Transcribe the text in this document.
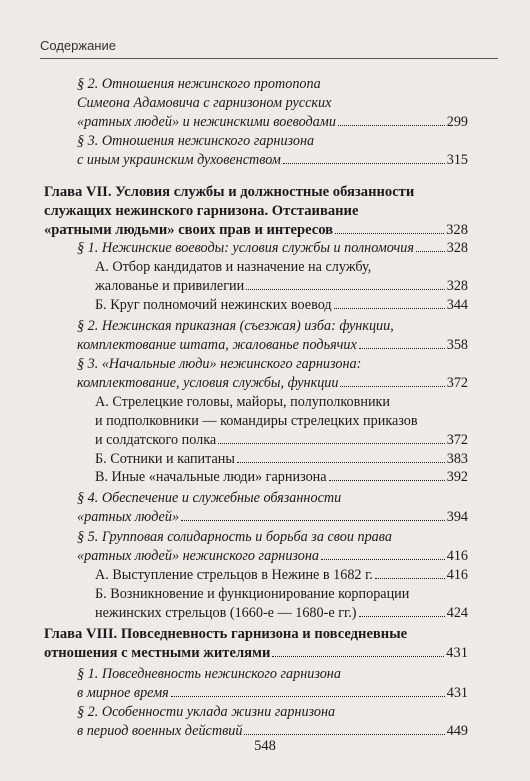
Содержание
§ 2. Отношения нежинского протопопа
Симеона Адамовича с гарнизоном русских
«ратных людей» и нежинскими воеводами	299
§ 3. Отношения нежинского гарнизона
с иным украинским духовенством	315
Глава VII. Условия службы и должностные обязанности
служащих нежинского гарнизона. Отстаивание
«ратными людьми» своих прав и интересов	328
§ 1. Нежинские воеводы: условия службы и полномочия 328
А. Отбор кандидатов и назначение на службу,
жалованье и привилегии	328
Б. Круг полномочий нежинских воевод	344
§ 2. Нежинская приказная (съезжая) изба: функции,
комплектование штата, жалованье подьячих	358
§ 3. «Начальные люди» нежинского гарнизона:
комплектование, условия службы, функции	372
А. Стрелецкие головы, майоры, полуполковники
и подполковники — командиры стрелецких приказов
и солдатского полка	372
Б. Сотники и капитаны	383
В. Иные «начальные люди» гарнизона	392
§ 4. Обеспечение и служебные обязанности
«ратных людей»	394
§ 5. Групповая солидарность и борьба за свои права
«ратных людей» нежинского гарнизона	416
А. Выступление стрельцов в Нежине в 1682 г.	416
Б. Возникновение и функционирование корпорации
нежинских стрельцов (1660-е — 1680-е гг.)	424
Глава VIII. Повседневность гарнизона и повседневные
отношения с местными жителями	431
§ 1. Повседневность нежинского гарнизона
в мирное время	431
§ 2. Особенности уклада жизни гарнизона
в период военных действий	449
548
